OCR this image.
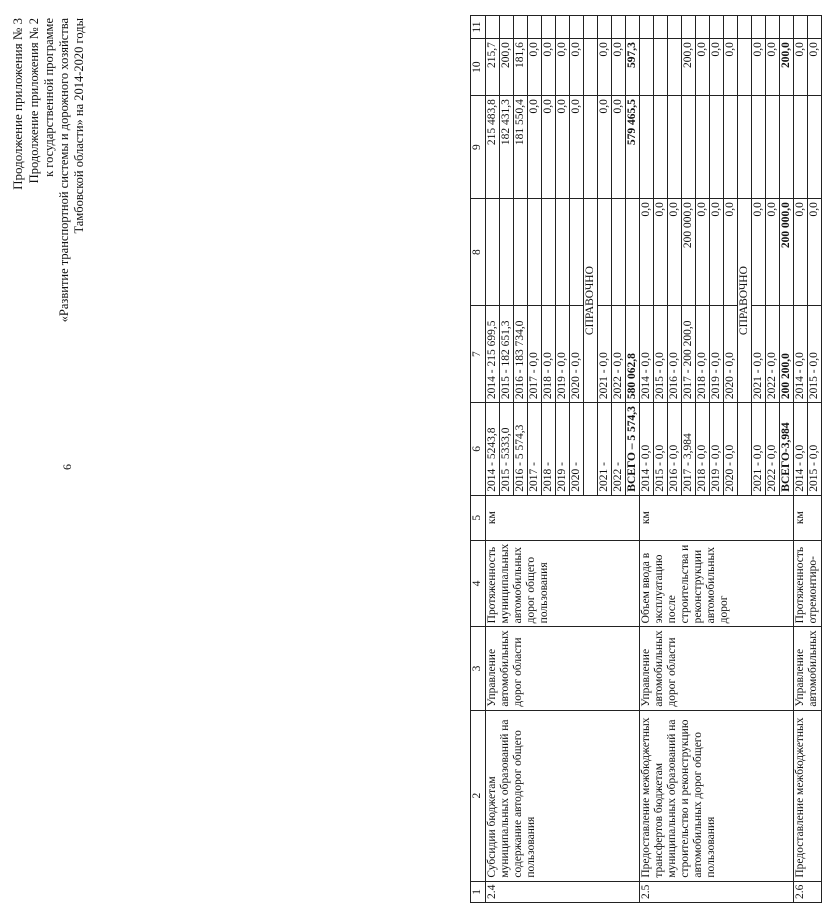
6
Продолжение приложения № 3 Продолжение приложения № 2 к государственной программе «Развитие транспортной системы и дорожного хозяйства Тамбовской области» на 2014-2020 годы
1	2	3	4	5	6	7	8	9	10	11

2.4	Субсидии бюджетам муниципальных образований на содержание автодорог общего пользования	Управление автомобильных дорог области	Протяженность муниципальных автомобильных дорог общего пользования	км	2014 - 5243,8	2014 - 215 699,5		215 483,8	215,7	
					2015 - 5333,0	2015 - 182 651,3		182 431,3	200,0	
					2016 - 5 574,3	2016 - 183 734,0		181 550,4	181,6	
					2017 -	2017 - 0,0		0,0	0,0	
					2018 -	2018 - 0,0		0,0	0,0	
					2019 -	2019 - 0,0		0,0	0,0	
					2020 -	2020 - 0,0		0,0	0,0	
						СПРАВОЧНО				
					2021 -	2021 - 0,0		0,0	0,0	
					2022 -	2022 - 0,0		0,0	0,0	
					ВСЕГО – 5 574,3	580 062,8		579 465,5	597,3	

2.5	Предоставление межбюджетных трансфертов бюджетам муниципальных образований на строительство и реконструкцию автомобильных дорог общего пользования	Управление автомобильных дорог области	Объем ввода в эксплуатацию после строительства и реконструкции автомобильных дорог	км	2014 - 0,0	2014 - 0,0	0,0			
					2015 - 0,0	2015 - 0,0	0,0			
					2016 - 0,0	2016 - 0,0	0,0			
					2017 - 3,984	2017 - 200 200,0	200 000,0		200,0	
					2018 - 0,0	2018 - 0,0	0,0		0,0	
					2019 - 0,0	2019 - 0,0	0,0		0,0	
					2020 - 0,0	2020 - 0,0	0,0		0,0	
						СПРАВОЧНО				
					2021 - 0,0	2021 - 0,0	0,0		0,0	
					2022 - 0,0	2022 - 0,0	0,0		0,0	
					ВСЕГО-3,984	200 200,0	200 000,0		200,0	

2.6	Предоставление межбюджетных	Управление автомобильных	Протяженность отремонтиро-	км	2014 - 0,0	2014 - 0,0	0,0		0,0	
					2015 - 0,0	2015 - 0,0	0,0		0,0	
